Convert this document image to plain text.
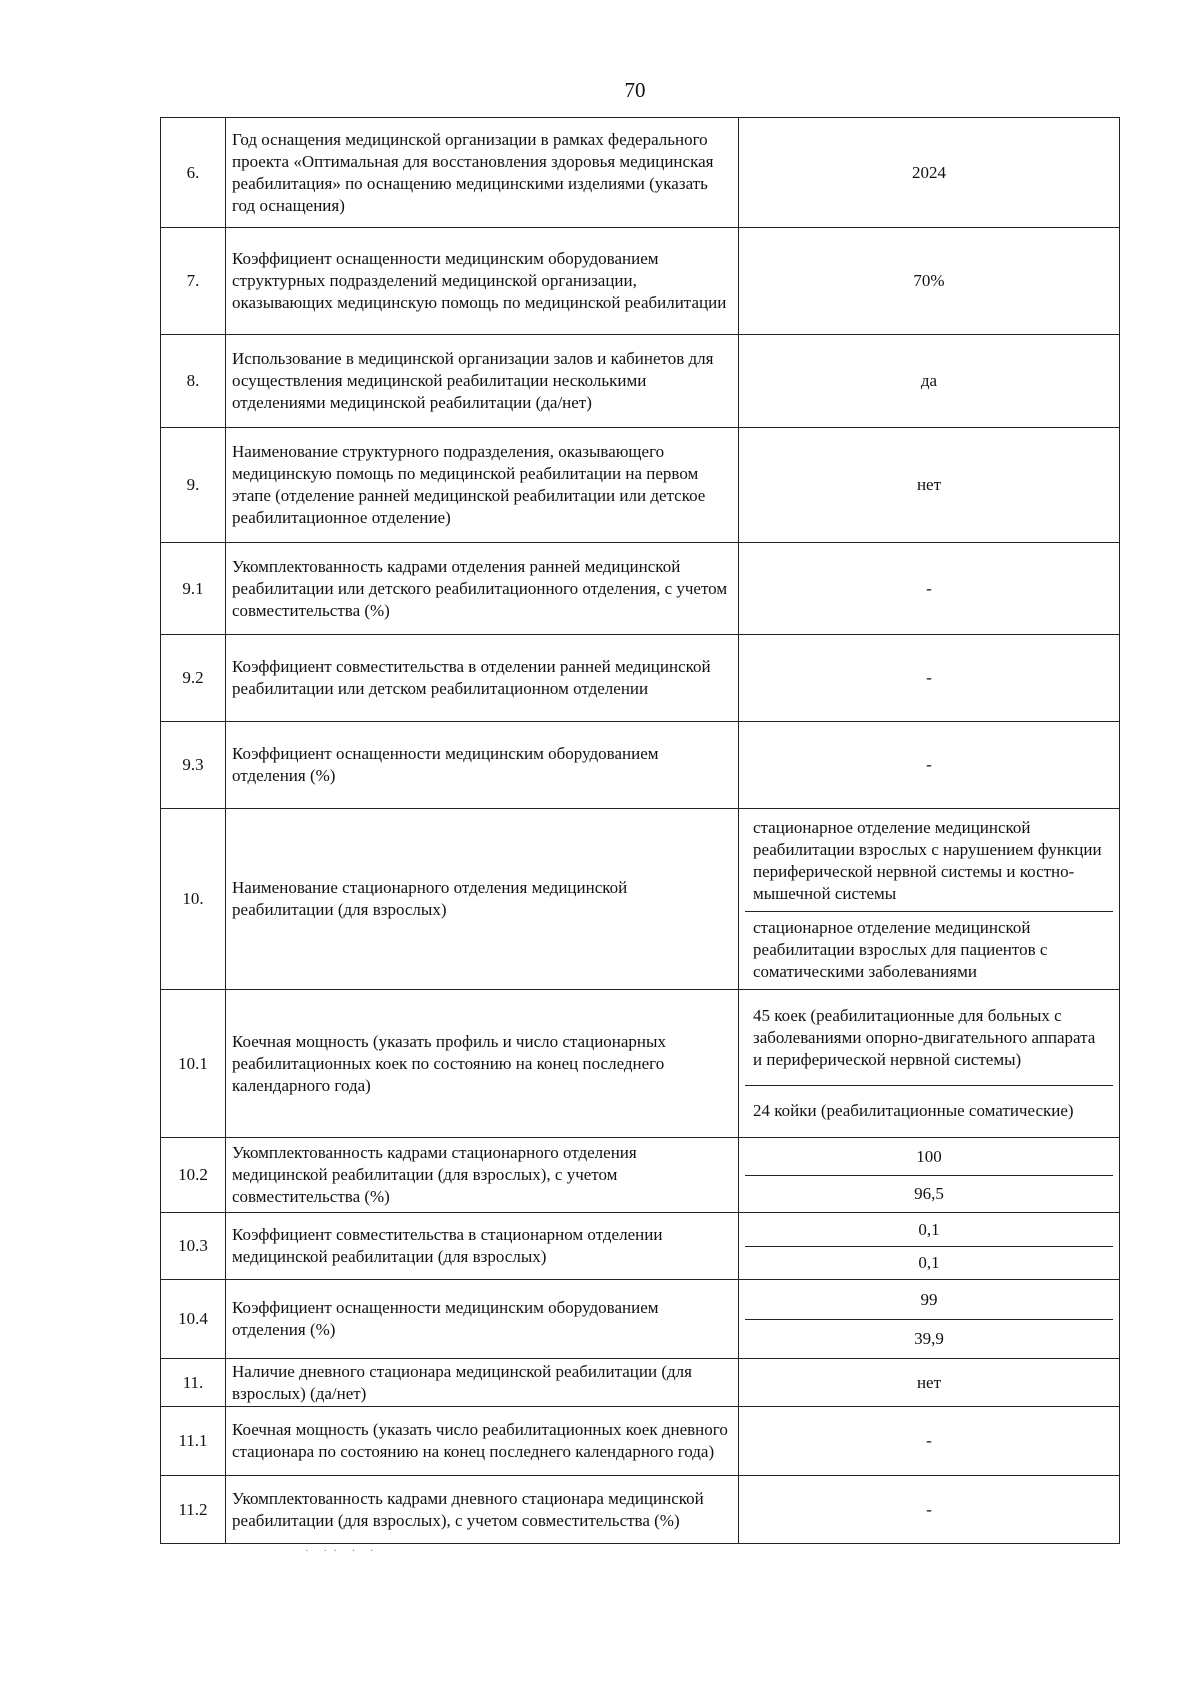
70
6.	Год оснащения медицинской организации в рамках федерального проекта «Оптимальная для восстановления здоровья медицинская реабилитация» по оснащению медицинскими изделиями (указать год оснащения)	2024
7.	Коэффициент оснащенности медицинским оборудованием структурных подразделений медицинской организации, оказывающих медицинскую помощь по медицинской реабилитации	70%
8.	Использование в медицинской организации залов и кабинетов для осуществления медицинской реабилитации несколькими отделениями медицинской реабилитации (да/нет)	да
9.	Наименование структурного подразделения, оказывающего медицинскую помощь по медицинской реабилитации на первом этапе (отделение ранней медицинской реабилитации или детское реабилитационное отделение)	нет
9.1	Укомплектованность кадрами отделения ранней медицинской реабилитации или детского реабилитационного отделения, с учетом совместительства (%)	-
9.2	Коэффициент совместительства в отделении ранней медицинской реабилитации или детском реабилитационном отделении	-
9.3	Коэффициент оснащенности медицинским оборудованием отделения (%)	-
10.	Наименование стационарного отделения медицинской реабилитации (для взрослых)	стационарное отделение медицинской реабилитации взрослых с нарушением функции периферической нервной системы и костно-мышечной системы
стационарное отделение медицинской реабилитации взрослых для пациентов с соматическими заболеваниями

10.1	Коечная мощность (указать профиль и число стационарных реабилитационных коек по состоянию на конец последнего календарного года)	45 коек (реабилитационные для больных с заболеваниями опорно-двигательного аппарата и периферической нервной системы)
24 койки (реабилитационные соматические)

10.2	Укомплектованность кадрами стационарного отделения медицинской реабилитации (для взрослых), с учетом совместительства (%)	100
96,5

10.3	Коэффициент совместительства в стационарном отделении медицинской реабилитации (для взрослых)	0,1
0,1

10.4	Коэффициент оснащенности медицинским оборудованием отделения (%)	99
39,9

11.	Наличие дневного стационара медицинской реабилитации (для взрослых) (да/нет)	нет
11.1	Коечная мощность (указать число реабилитационных коек дневного стационара по состоянию на конец последнего календарного года)	-
11.2	Укомплектованность кадрами дневного стационара медицинской реабилитации (для взрослых), с учетом совместительства (%)	-
· ·· · ·
